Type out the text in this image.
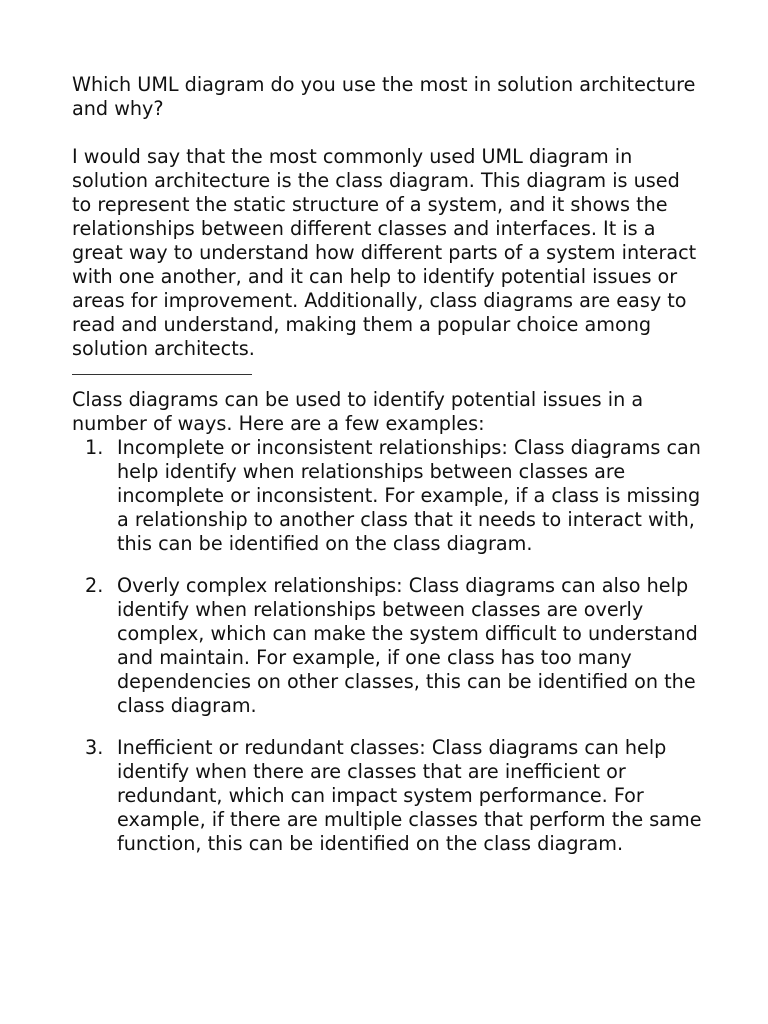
Which UML diagram do you use the most in solution architecture and why?

I would say that the most commonly used UML diagram in solution architecture is the class diagram. This diagram is used to represent the static structure of a system, and it shows the relationships between different classes and interfaces. It is a great way to understand how different parts of a system interact with one another, and it can help to identify potential issues or areas for improvement. Additionally, class diagrams are easy to read and understand, making them a popular choice among solution architects.

Class diagrams can be used to identify potential issues in a number of ways. Here are a few examples:

1. Incomplete or inconsistent relationships: Class diagrams can help identify when relationships between classes are incomplete or inconsistent. For example, if a class is missing a relationship to another class that it needs to interact with, this can be identified on the class diagram.
2. Overly complex relationships: Class diagrams can also help identify when relationships between classes are overly complex, which can make the system difficult to understand and maintain. For example, if one class has too many dependencies on other classes, this can be identified on the class diagram.
3. Inefficient or redundant classes: Class diagrams can help identify when there are classes that are inefficient or redundant, which can impact system performance. For example, if there are multiple classes that perform the same function, this can be identified on the class diagram.
